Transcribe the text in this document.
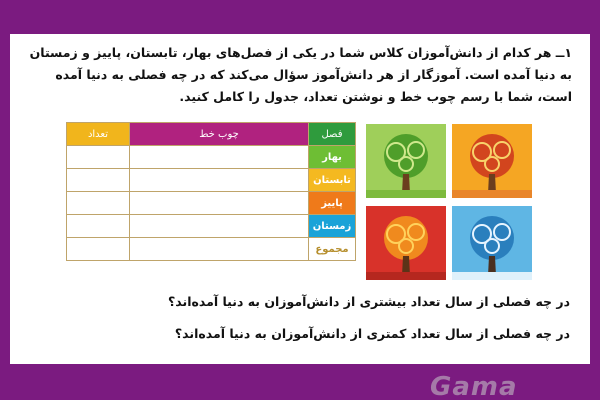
۱ــ هر کدام از دانش‌آموزان کلاس شما در یکی از فصل‌های بهار، تابستان، پاییز و زمستان به دنیا آمده است. آموزگار از هر دانش‌آموز سؤال می‌کند که در چه فصلی به دنیا آمده است، شما با رسم چوب خط و نوشتن تعداد، جدول را کامل کنید.
فصل	چوب خط	تعداد
بهار		
تابستان		
پاییز		
زمستان		
مجموع		
در چه فصلی از سال تعداد بیشتری از دانش‌آموزان به دنیا آمده‌اند؟
در چه فصلی از سال تعداد کمتری از دانش‌آموزان به دنیا آمده‌اند؟
Gama
